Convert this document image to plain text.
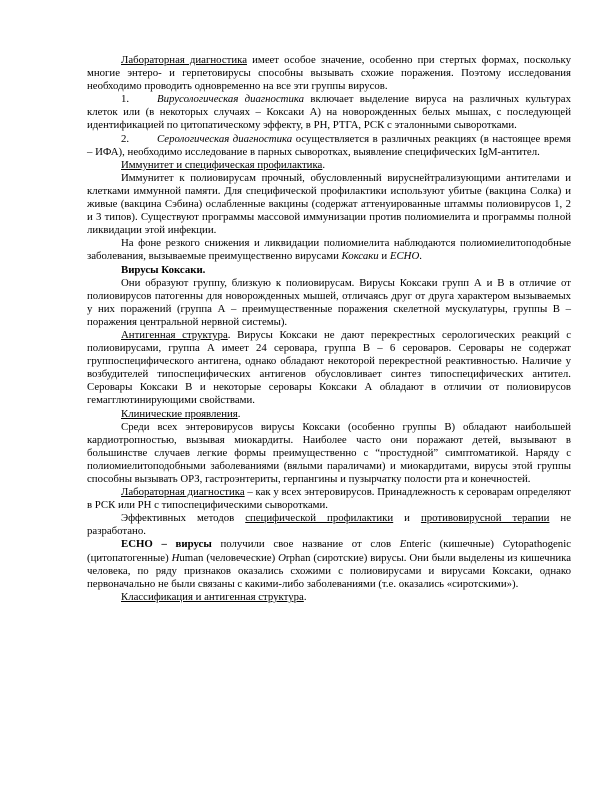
Лабораторная диагностика имеет особое значение, особенно при стертых формах, поскольку многие энтеро- и герпетовирусы способны вызывать схожие поражения. Поэтому исследования необходимо проводить одновременно на все эти группы вирусов.

1.	Вирусологическая диагностика включает выделение вируса на различных культурах клеток или (в некоторых случаях – Коксаки А) на новорожденных белых мышах, с последующей идентификацией по цитопатическому эффекту, в РН, РТГА, РСК с эталонными сыворотками.

2.	Серологическая диагностика осуществляется в различных реакциях (в настоящее время – ИФА), необходимо исследование в парных сыворотках, выявление специфических IgM-антител.

Иммунитет и специфическая профилактика.

Иммунитет к полиовирусам прочный, обусловленный вируснейтрализующими антителами и клетками иммунной памяти. Для специфической профилактики используют убитые (вакцина Солка) и живые (вакцина Сэбина) ослабленные вакцины (содержат аттенуированные штаммы полиовирусов 1, 2 и 3 типов). Существуют программы массовой иммунизации против полиомиелита и программы полной ликвидации этой инфекции.

На фоне резкого снижения и ликвидации полиомиелита наблюдаются полиомиелитоподобные заболевания, вызываемые преимущественно вирусами Коксаки и ЕСНО.

Вирусы Коксаки.

Они образуют группу, близкую к полиовирусам. Вирусы Коксаки групп А и В в отличие от полиовирусов патогенны для новорожденных мышей, отличаясь друг от друга характером вызываемых у них поражений (группа А – преимущественные поражения скелетной мускулатуры, группы В – поражения центральной нервной системы).

Антигенная структура. Вирусы Коксаки не дают перекрестных серологических реакций с полиовирусами, группа А имеет 24 серовара, группа В – 6 сероваров. Серовары не содержат группоспецифического антигена, однако обладают некоторой перекрестной реактивностью. Наличие у возбудителей типоспецифических антигенов обусловливает синтез типоспецифических антител. Серовары Коксаки В и некоторые серовары Коксаки А обладают в отличии от полиовирусов гемагглютинирующими свойствами.

Клинические проявления.

Среди всех энтеровирусов вирусы Коксаки (особенно группы В) обладают наибольшей кардиотропностью, вызывая миокардиты. Наиболее часто они поражают детей, вызывают в большинстве случаев легкие формы преимущественно с “простудной” симптоматикой. Наряду с полиомиелитоподобными заболеваниями (вялыми параличами) и миокардитами, вирусы этой группы способны вызывать ОРЗ, гастроэнтериты, герпангины и пузырчатку полости рта и конечностей.

Лабораторная диагностика – как у всех энтеровирусов. Принадлежность к сероварам определяют в РСК или РН с типоспецифическими сыворотками.

Эффективных методов специфической профилактики и противовирусной терапии не разработано.

ECHO – вирусы получили свое название от слов Enteric (кишечные) Cytopathogenic (цитопатогенные) Human (человеческие) Orphan (сиротские) вирусы. Они были выделены из кишечника человека, по ряду признаков оказались схожими с полиовирусами и вирусами Коксаки, однако первоначально не были связаны с какими-либо заболеваниями (т.е. оказались «сиротскими»).

Классификация и антигенная структура.
